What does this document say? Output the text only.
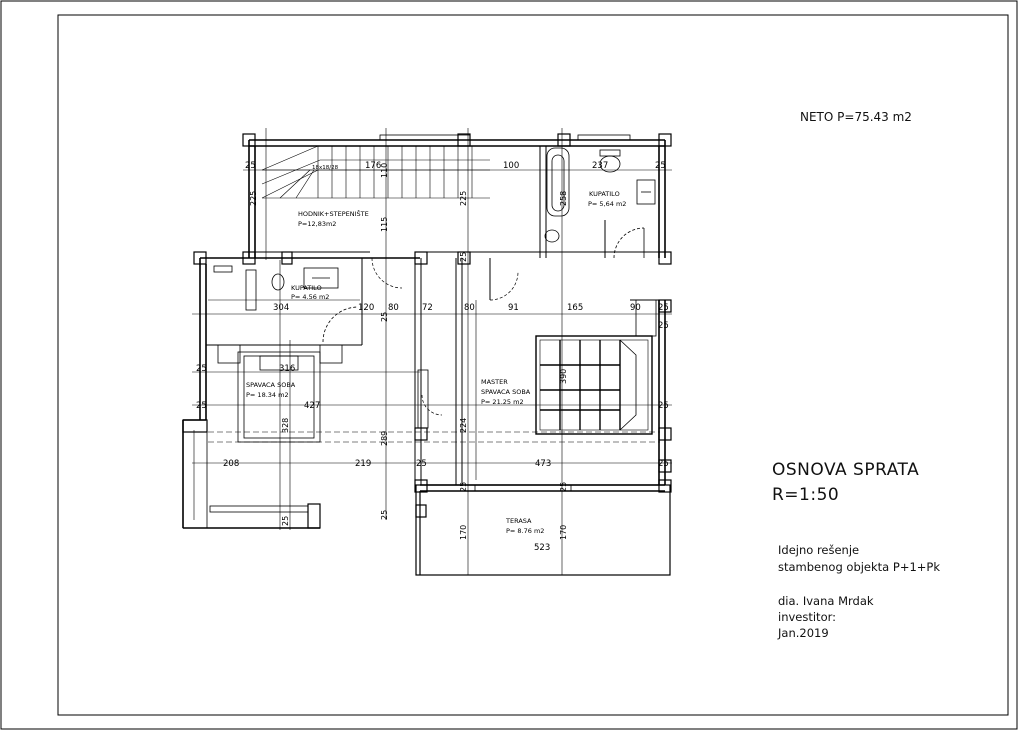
HODNIK+STEPENIŠTE
P=12,83m2
18x18/28
KUPATILO
P= 5,64 m2
KUPATILO
P= 4.56 m2
SPAVACA SOBA
P= 18.34 m2
MASTER
SPAVACA SOBA
P= 21.25 m2
TERASA
P= 8.76 m2
25	176	100	237	25
304	120 80	72	80	91	165	90 25
25
316
427
25
25	25
208	219	25	473	25
523
225
110
115
225	258
328
289
224
390
170	170
25	25
25
25
25
25
NETO P=75.43 m2
OSNOVA SPRATA
R=1:50
Idejno rešenje
stambenog objekta P+1+Pk
dia. Ivana Mrdak
investitor:
Jan.2019
